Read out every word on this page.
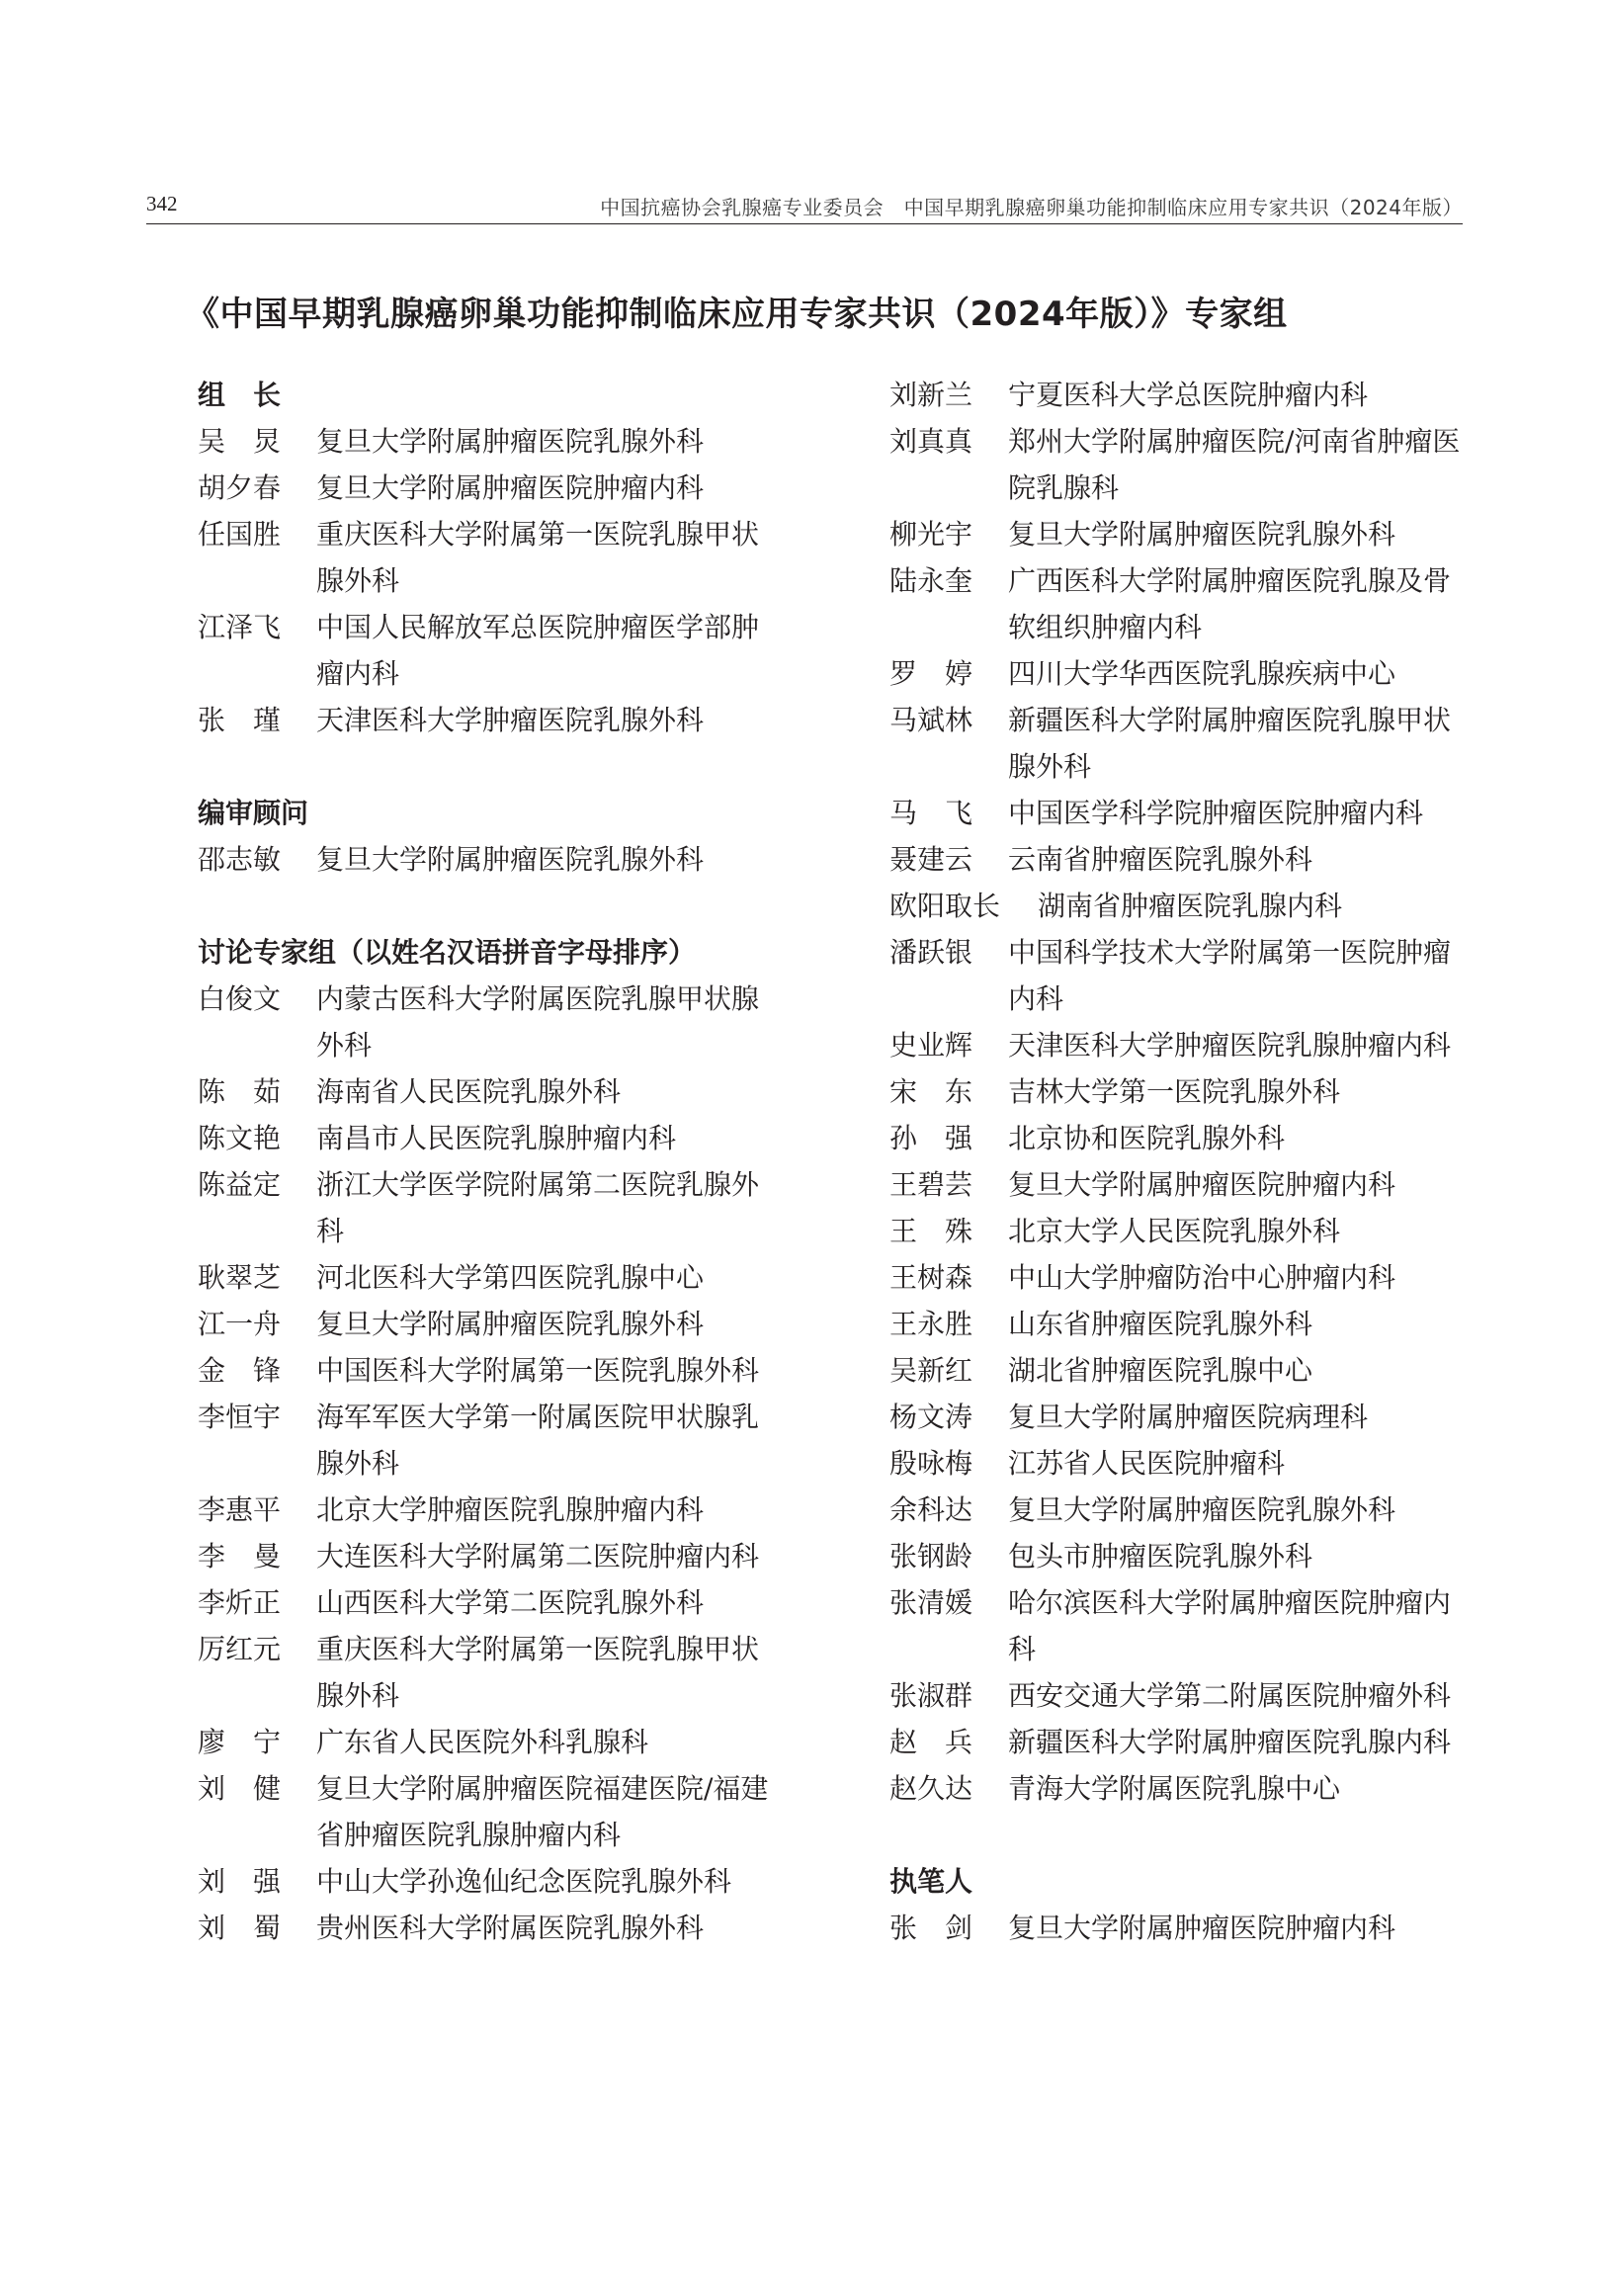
342	中国抗癌协会乳腺癌专业委员会　中国早期乳腺癌卵巢功能抑制临床应用专家共识（2024年版）
《中国早期乳腺癌卵巢功能抑制临床应用专家共识（2024年版）》专家组
组　长
吴　炅	复旦大学附属肿瘤医院乳腺外科
胡夕春	复旦大学附属肿瘤医院肿瘤内科
任国胜	重庆医科大学附属第一医院乳腺甲状腺外科
江泽飞	中国人民解放军总医院肿瘤医学部肿瘤内科
张　瑾	天津医科大学肿瘤医院乳腺外科
编审顾问
邵志敏	复旦大学附属肿瘤医院乳腺外科
讨论专家组（以姓名汉语拼音字母排序）
白俊文	内蒙古医科大学附属医院乳腺甲状腺外科
陈　茹	海南省人民医院乳腺外科
陈文艳	南昌市人民医院乳腺肿瘤内科
陈益定	浙江大学医学院附属第二医院乳腺外科
耿翠芝	河北医科大学第四医院乳腺中心
江一舟	复旦大学附属肿瘤医院乳腺外科
金　锋	中国医科大学附属第一医院乳腺外科
李恒宇	海军军医大学第一附属医院甲状腺乳腺外科
李惠平	北京大学肿瘤医院乳腺肿瘤内科
李　曼	大连医科大学附属第二医院肿瘤内科
李炘正	山西医科大学第二医院乳腺外科
厉红元	重庆医科大学附属第一医院乳腺甲状腺外科
廖　宁	广东省人民医院外科乳腺科
刘　健	复旦大学附属肿瘤医院福建医院/福建省肿瘤医院乳腺肿瘤内科
刘　强	中山大学孙逸仙纪念医院乳腺外科
刘　蜀	贵州医科大学附属医院乳腺外科
刘新兰	宁夏医科大学总医院肿瘤内科
刘真真	郑州大学附属肿瘤医院/河南省肿瘤医院乳腺科
柳光宇	复旦大学附属肿瘤医院乳腺外科
陆永奎	广西医科大学附属肿瘤医院乳腺及骨软组织肿瘤内科
罗　婷	四川大学华西医院乳腺疾病中心
马斌林	新疆医科大学附属肿瘤医院乳腺甲状腺外科
马　飞	中国医学科学院肿瘤医院肿瘤内科
聂建云	云南省肿瘤医院乳腺外科
欧阳取长	湖南省肿瘤医院乳腺内科
潘跃银	中国科学技术大学附属第一医院肿瘤内科
史业辉	天津医科大学肿瘤医院乳腺肿瘤内科
宋　东	吉林大学第一医院乳腺外科
孙　强	北京协和医院乳腺外科
王碧芸	复旦大学附属肿瘤医院肿瘤内科
王　殊	北京大学人民医院乳腺外科
王树森	中山大学肿瘤防治中心肿瘤内科
王永胜	山东省肿瘤医院乳腺外科
吴新红	湖北省肿瘤医院乳腺中心
杨文涛	复旦大学附属肿瘤医院病理科
殷咏梅	江苏省人民医院肿瘤科
余科达	复旦大学附属肿瘤医院乳腺外科
张钢龄	包头市肿瘤医院乳腺外科
张清媛	哈尔滨医科大学附属肿瘤医院肿瘤内科
张淑群	西安交通大学第二附属医院肿瘤外科
赵　兵	新疆医科大学附属肿瘤医院乳腺内科
赵久达	青海大学附属医院乳腺中心
执笔人
张　剑	复旦大学附属肿瘤医院肿瘤内科
